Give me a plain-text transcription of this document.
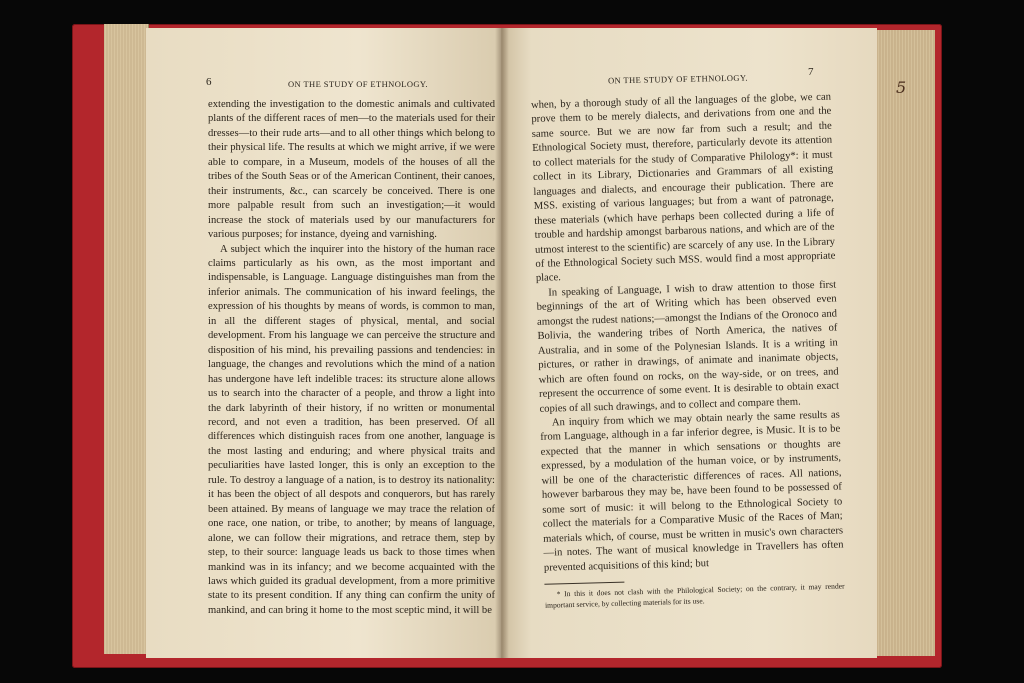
6	ON THE STUDY OF ETHNOLOGY.

extending the investigation to the domestic animals and cultivated plants of the different races of men—to the materials used for their dresses—to their rude arts—and to all other things which belong to their physical life. The results at which we might arrive, if we were able to compare, in a Museum, models of the houses of all the tribes of the South Seas or of the American Continent, their canoes, their instruments, &c., can scarcely be conceived. There is one more palpable result from such an investigation;—it would increase the stock of materials used by our manufacturers for various purposes; for instance, dyeing and varnishing.

A subject which the inquirer into the history of the human race claims particularly as his own, as the most important and indispensable, is Language. Language distinguishes man from the inferior animals. The communication of his inward feelings, the expression of his thoughts by means of words, is common to man, in all the different stages of physical, mental, and social development. From his language we can perceive the structure and disposition of his mind, his prevailing passions and tendencies: in language, the changes and revolutions which the mind of a nation has undergone have left indelible traces: its structure alone allows us to search into the character of a people, and throw a light into the dark labyrinth of their history, if no written or monumental record, and not even a tradition, has been preserved. Of all differences which distinguish races from one another, language is the most lasting and enduring; and where physical traits and peculiarities have lasted longer, this is only an exception to the rule. To destroy a language of a nation, is to destroy its nationality: it has been the object of all despots and conquerors, but has rarely been attained. By means of language we may trace the relation of one race, one nation, or tribe, to another; by means of language, alone, we can follow their migrations, and retrace them, step by step, to their source: language leads us back to those times when mankind was in its infancy; and we become acquainted with the laws which guided its gradual development, from a more primitive state to its present condition. If any thing can confirm the unity of mankind, and can bring it home to the most sceptic mind, it will be

ON THE STUDY OF ETHNOLOGY.
7

when, by a thorough study of all the languages of the globe, we can prove them to be merely dialects, and derivations from one and the same source. But we are now far from such a result; and the Ethnological Society must, therefore, particularly devote its attention to collect materials for the study of Comparative Philology*: it must collect in its Library, Dictionaries and Grammars of all existing languages and dialects, and encourage their publication. There are MSS. existing of various languages; but from a want of patronage, these materials (which have perhaps been collected during a life of trouble and hardship amongst barbarous nations, and which are of the utmost interest to the scientific) are scarcely of any use. In the Library of the Ethnological Society such MSS. would find a most appropriate place.

In speaking of Language, I wish to draw attention to those first beginnings of the art of Writing which has been observed even amongst the rudest nations;—amongst the Indians of the Oronoco and Bolivia, the wandering tribes of North America, the natives of Australia, and in some of the Polynesian Islands. It is a writing in pictures, or rather in drawings, of animate and inanimate objects, which are often found on rocks, on the way-side, or on trees, and represent the occurrence of some event. It is desirable to obtain exact copies of all such drawings, and to collect and compare them.

An inquiry from which we may obtain nearly the same results as from Language, although in a far inferior degree, is Music. It is to be expected that the manner in which sensations or thoughts are expressed, by a modulation of the human voice, or by instruments, will be one of the characteristic differences of races. All nations, however barbarous they may be, have been found to be possessed of some sort of music: it will belong to the Ethnological Society to collect the materials for a Comparative Music of the Races of Man; materials which, of course, must be written in music's own characters—in notes. The want of musical knowledge in Travellers has often prevented acquisitions of this kind; but

* In this it does not clash with the Philological Society; on the contrary, it may render important service, by collecting materials for its use.

5
